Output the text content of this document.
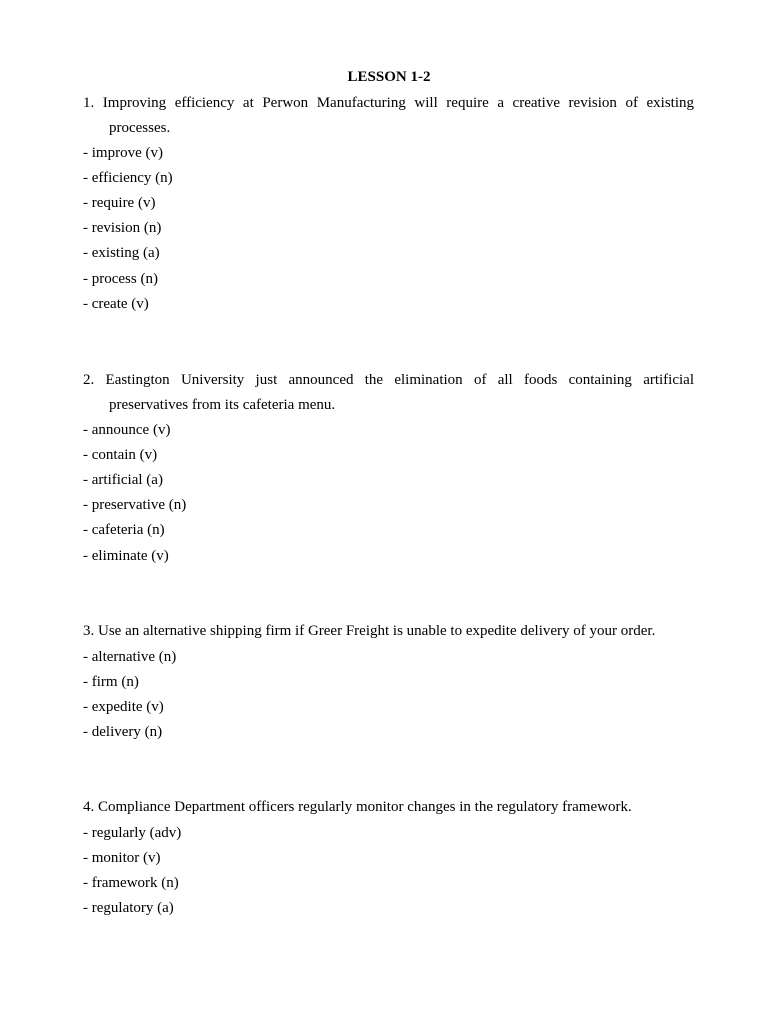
LESSON 1-2
1. Improving efficiency at Perwon Manufacturing will require a creative revision of existing
processes.
- improve (v)
- efficiency (n)
- require (v)
- revision (n)
- existing (a)
- process (n)
- create (v)
2. Eastington University just announced the elimination of all foods containing artificial
preservatives from its cafeteria menu.
- announce (v)
- contain (v)
- artificial (a)
- preservative (n)
- cafeteria (n)
- eliminate (v)
3. Use an alternative shipping firm if Greer Freight is unable to expedite delivery of your order.
- alternative (n)
- firm (n)
- expedite (v)
- delivery (n)
4. Compliance Department officers regularly monitor changes in the regulatory framework.
- regularly (adv)
- monitor (v)
- framework (n)
- regulatory (a)
